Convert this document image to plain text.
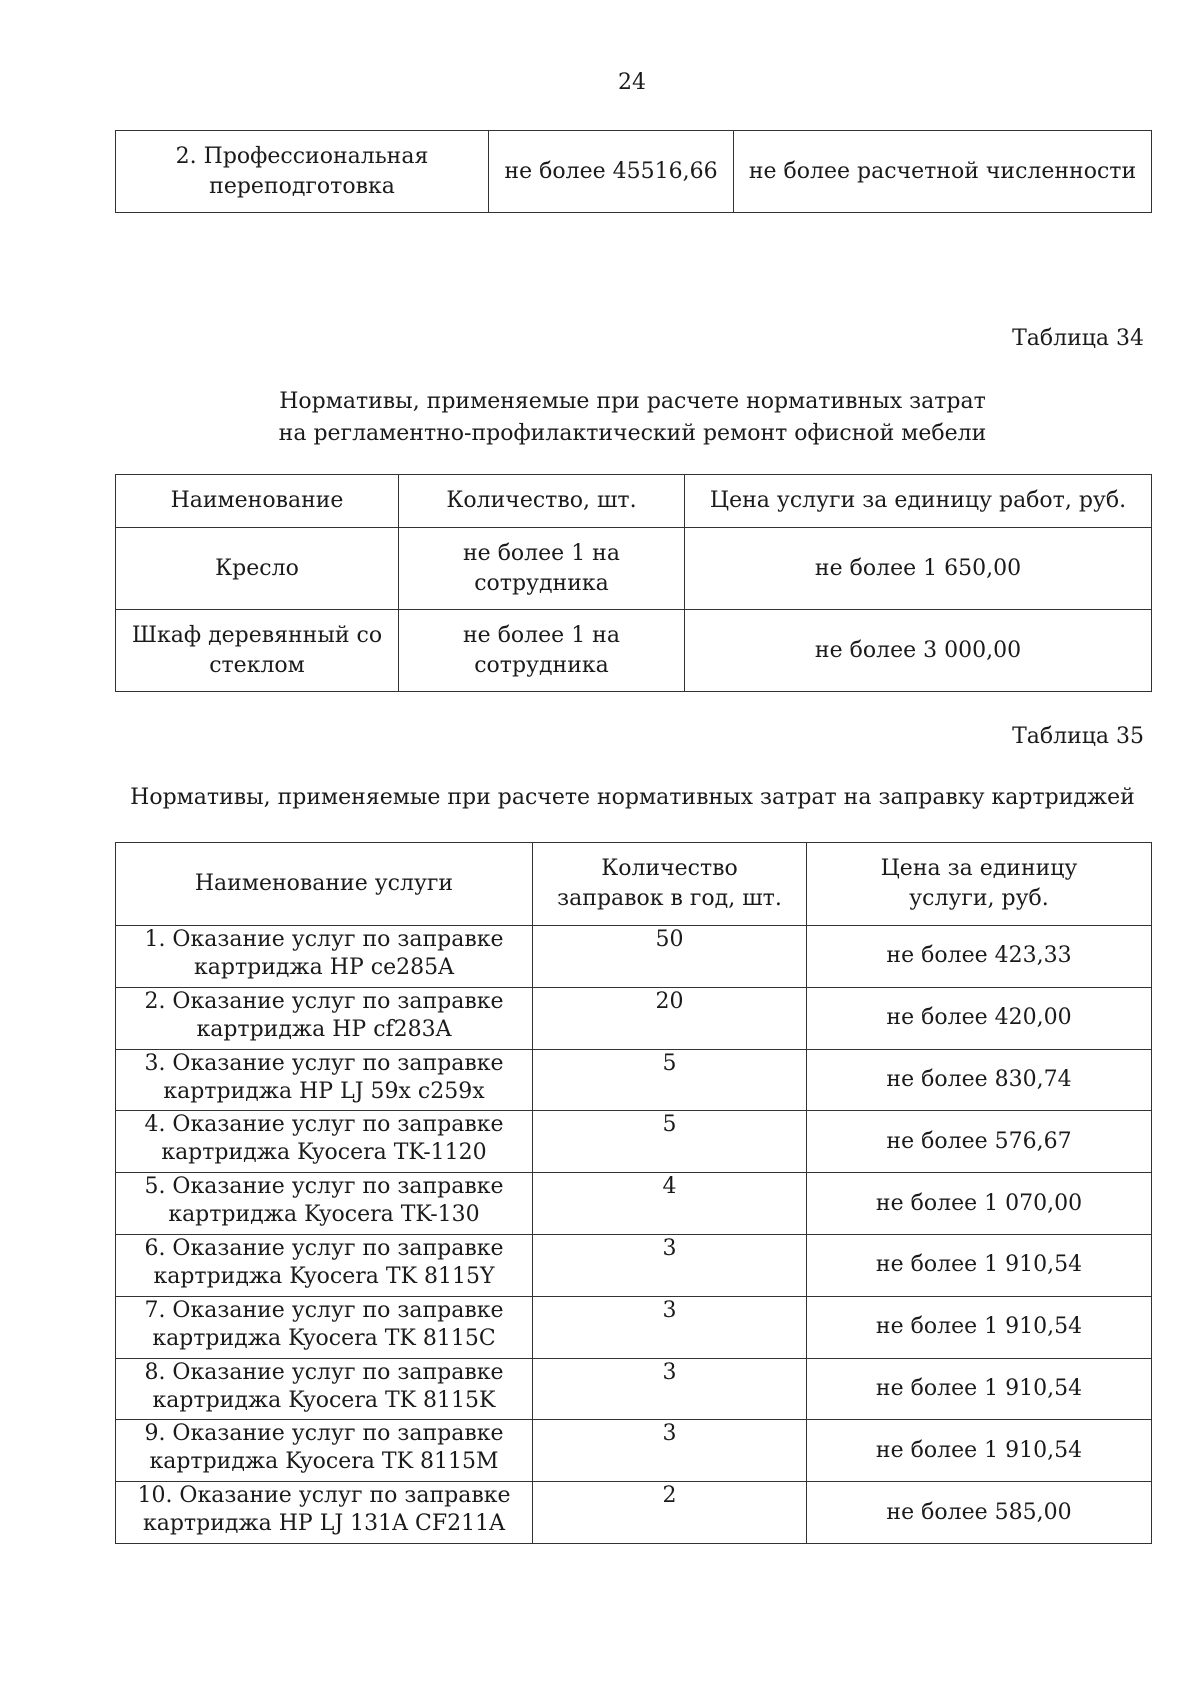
24
2. Профессиональная переподготовка	не более 45516,66	не более расчетной численности
Таблица 34
Нормативы, применяемые при расчете нормативных затрат
на регламентно-профилактический ремонт офисной мебели
Наименование	Количество, шт.	Цена услуги за единицу работ, руб.
Кресло	не более 1 на сотрудника	не более 1 650,00
Шкаф деревянный со стеклом	не более 1 на сотрудника	не более 3 000,00
Таблица 35
Нормативы, применяемые при расчете нормативных затрат на заправку картриджей
Наименование услуги	Количество заправок в год, шт.	Цена за единицу услуги, руб.
1. Оказание услуг по заправке картриджа HP ce285A	50	не более 423,33
2. Оказание услуг по заправке картриджа HP cf283A	20	не более 420,00
3. Оказание услуг по заправке картриджа HP LJ 59x c259x	5	не более 830,74
4. Оказание услуг по заправке картриджа Kyocera TK-1120	5	не более 576,67
5. Оказание услуг по заправке картриджа Kyocera TK-130	4	не более 1 070,00
6. Оказание услуг по заправке картриджа Kyocera TK 8115Y	3	не более 1 910,54
7. Оказание услуг по заправке картриджа Kyocera TK 8115C	3	не более 1 910,54
8. Оказание услуг по заправке картриджа Kyocera TK 8115K	3	не более 1 910,54
9. Оказание услуг по заправке картриджа Kyocera TK 8115M	3	не более 1 910,54
10. Оказание услуг по заправке картриджа HP LJ 131A CF211A	2	не более 585,00
